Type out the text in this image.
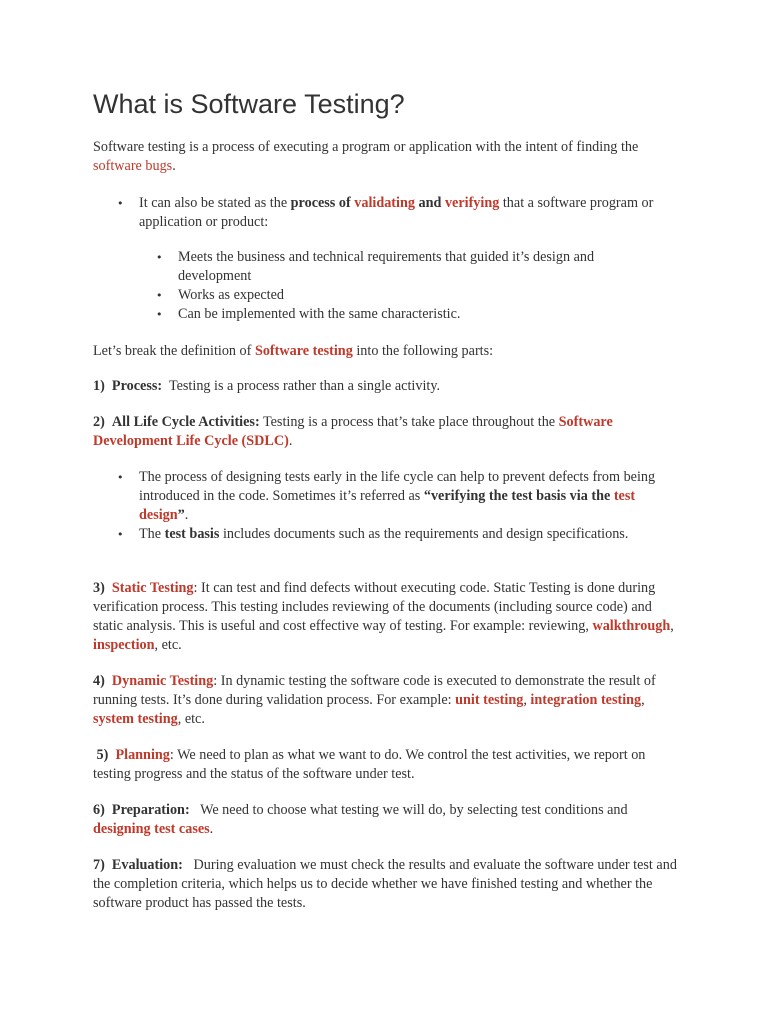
What is Software Testing?

Software testing is a process of executing a program or application with the intent of finding the software bugs.

• It can also be stated as the process of validating and verifying that a software program or application or product:
• Meets the business and technical requirements that guided it’s design and development
• Works as expected
• Can be implemented with the same characteristic.

Let’s break the definition of Software testing into the following parts:

1) Process: Testing is a process rather than a single activity.

2) All Life Cycle Activities: Testing is a process that’s take place throughout the Software Development Life Cycle (SDLC).

• The process of designing tests early in the life cycle can help to prevent defects from being introduced in the code. Sometimes it’s referred as “verifying the test basis via the test design”.
• The test basis includes documents such as the requirements and design specifications.

3) Static Testing: It can test and find defects without executing code. Static Testing is done during verification process. This testing includes reviewing of the documents (including source code) and static analysis. This is useful and cost effective way of testing. For example: reviewing, walkthrough, inspection, etc.

4) Dynamic Testing: In dynamic testing the software code is executed to demonstrate the result of running tests. It’s done during validation process. For example: unit testing, integration testing, system testing, etc.

5) Planning: We need to plan as what we want to do. We control the test activities, we report on testing progress and the status of the software under test.

6) Preparation: We need to choose what testing we will do, by selecting test conditions and designing test cases.

7) Evaluation: During evaluation we must check the results and evaluate the software under test and the completion criteria, which helps us to decide whether we have finished testing and whether the software product has passed the tests.
